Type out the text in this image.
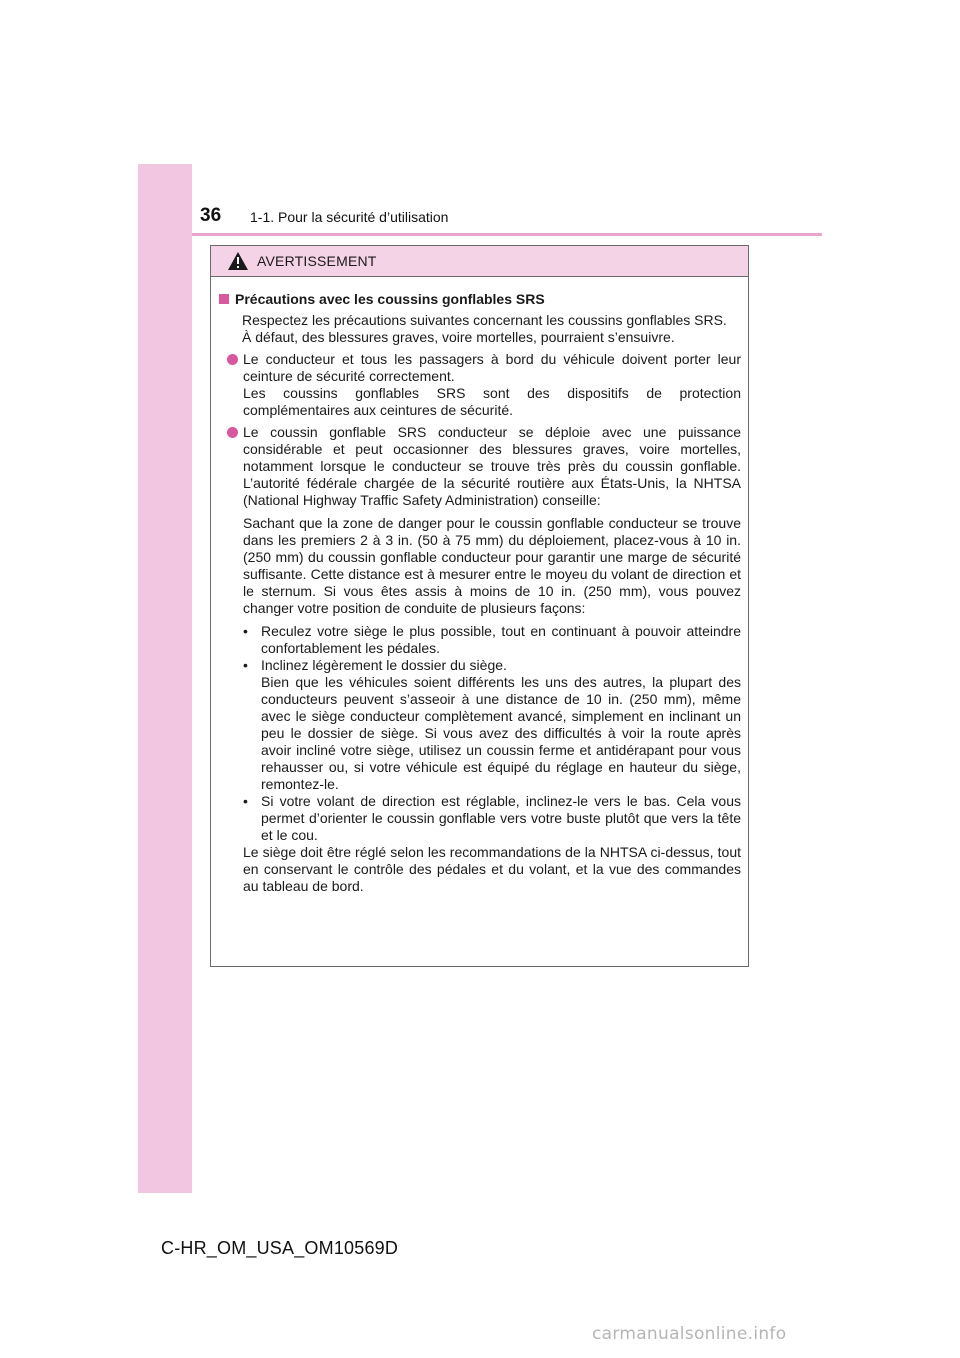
36 1-1. Pour la sécurité d’utilisation
AVERTISSEMENT
Précautions avec les coussins gonflables SRS

Respectez les précautions suivantes concernant les coussins gonflables SRS.

À défaut, des blessures graves, voire mortelles, pourraient s’ensuivre.

Le conducteur et tous les passagers à bord du véhicule doivent porter leur ceinture de sécurité correctement.

Les coussins gonflables SRS sont des dispositifs de protection complémentaires aux ceintures de sécurité.

Le coussin gonflable SRS conducteur se déploie avec une puissance considérable et peut occasionner des blessures graves, voire mortelles, notamment lorsque le conducteur se trouve très près du coussin gonflable. L’autorité fédérale chargée de la sécurité routière aux États-Unis, la NHTSA (National Highway Traffic Safety Administration) conseille:

Sachant que la zone de danger pour le coussin gonflable conducteur se trouve dans les premiers 2 à 3 in. (50 à 75 mm) du déploiement, placez-vous à 10 in. (250 mm) du coussin gonflable conducteur pour garantir une marge de sécurité suffisante. Cette distance est à mesurer entre le moyeu du volant de direction et le sternum. Si vous êtes assis à moins de 10 in. (250 mm), vous pouvez changer votre position de conduite de plusieurs façons:

• Reculez votre siège le plus possible, tout en continuant à pouvoir atteindre confortablement les pédales.
• Inclinez légèrement le dossier du siège.
Bien que les véhicules soient différents les uns des autres, la plupart des conducteurs peuvent s’asseoir à une distance de 10 in. (250 mm), même avec le siège conducteur complètement avancé, simplement en inclinant un peu le dossier de siège. Si vous avez des difficultés à voir la route après avoir incliné votre siège, utilisez un coussin ferme et antidérapant pour vous rehausser ou, si votre véhicule est équipé du réglage en hauteur du siège, remontez-le.
• Si votre volant de direction est réglable, inclinez-le vers le bas. Cela vous permet d’orienter le coussin gonflable vers votre buste plutôt que vers la tête et le cou.

Le siège doit être réglé selon les recommandations de la NHTSA ci-dessus, tout en conservant le contrôle des pédales et du volant, et la vue des commandes au tableau de bord.

C-HR_OM_USA_OM10569D
carmanualsonline.info
